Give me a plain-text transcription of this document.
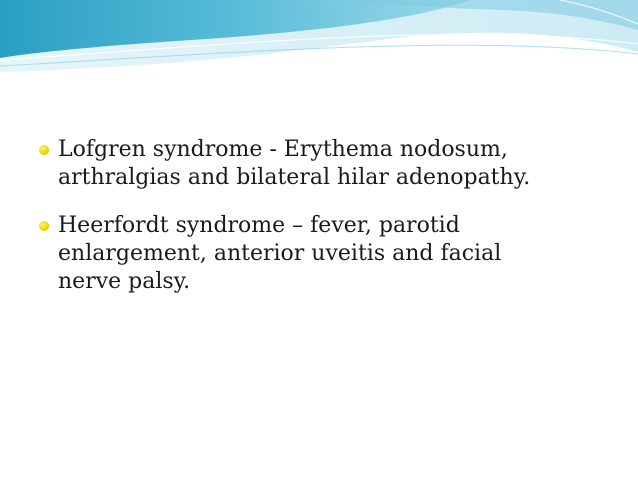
Lofgren syndrome - Erythema nodosum,
arthralgias and bilateral hilar adenopathy.
Heerfordt syndrome – fever, parotid
enlargement, anterior uveitis and facial
nerve palsy.
